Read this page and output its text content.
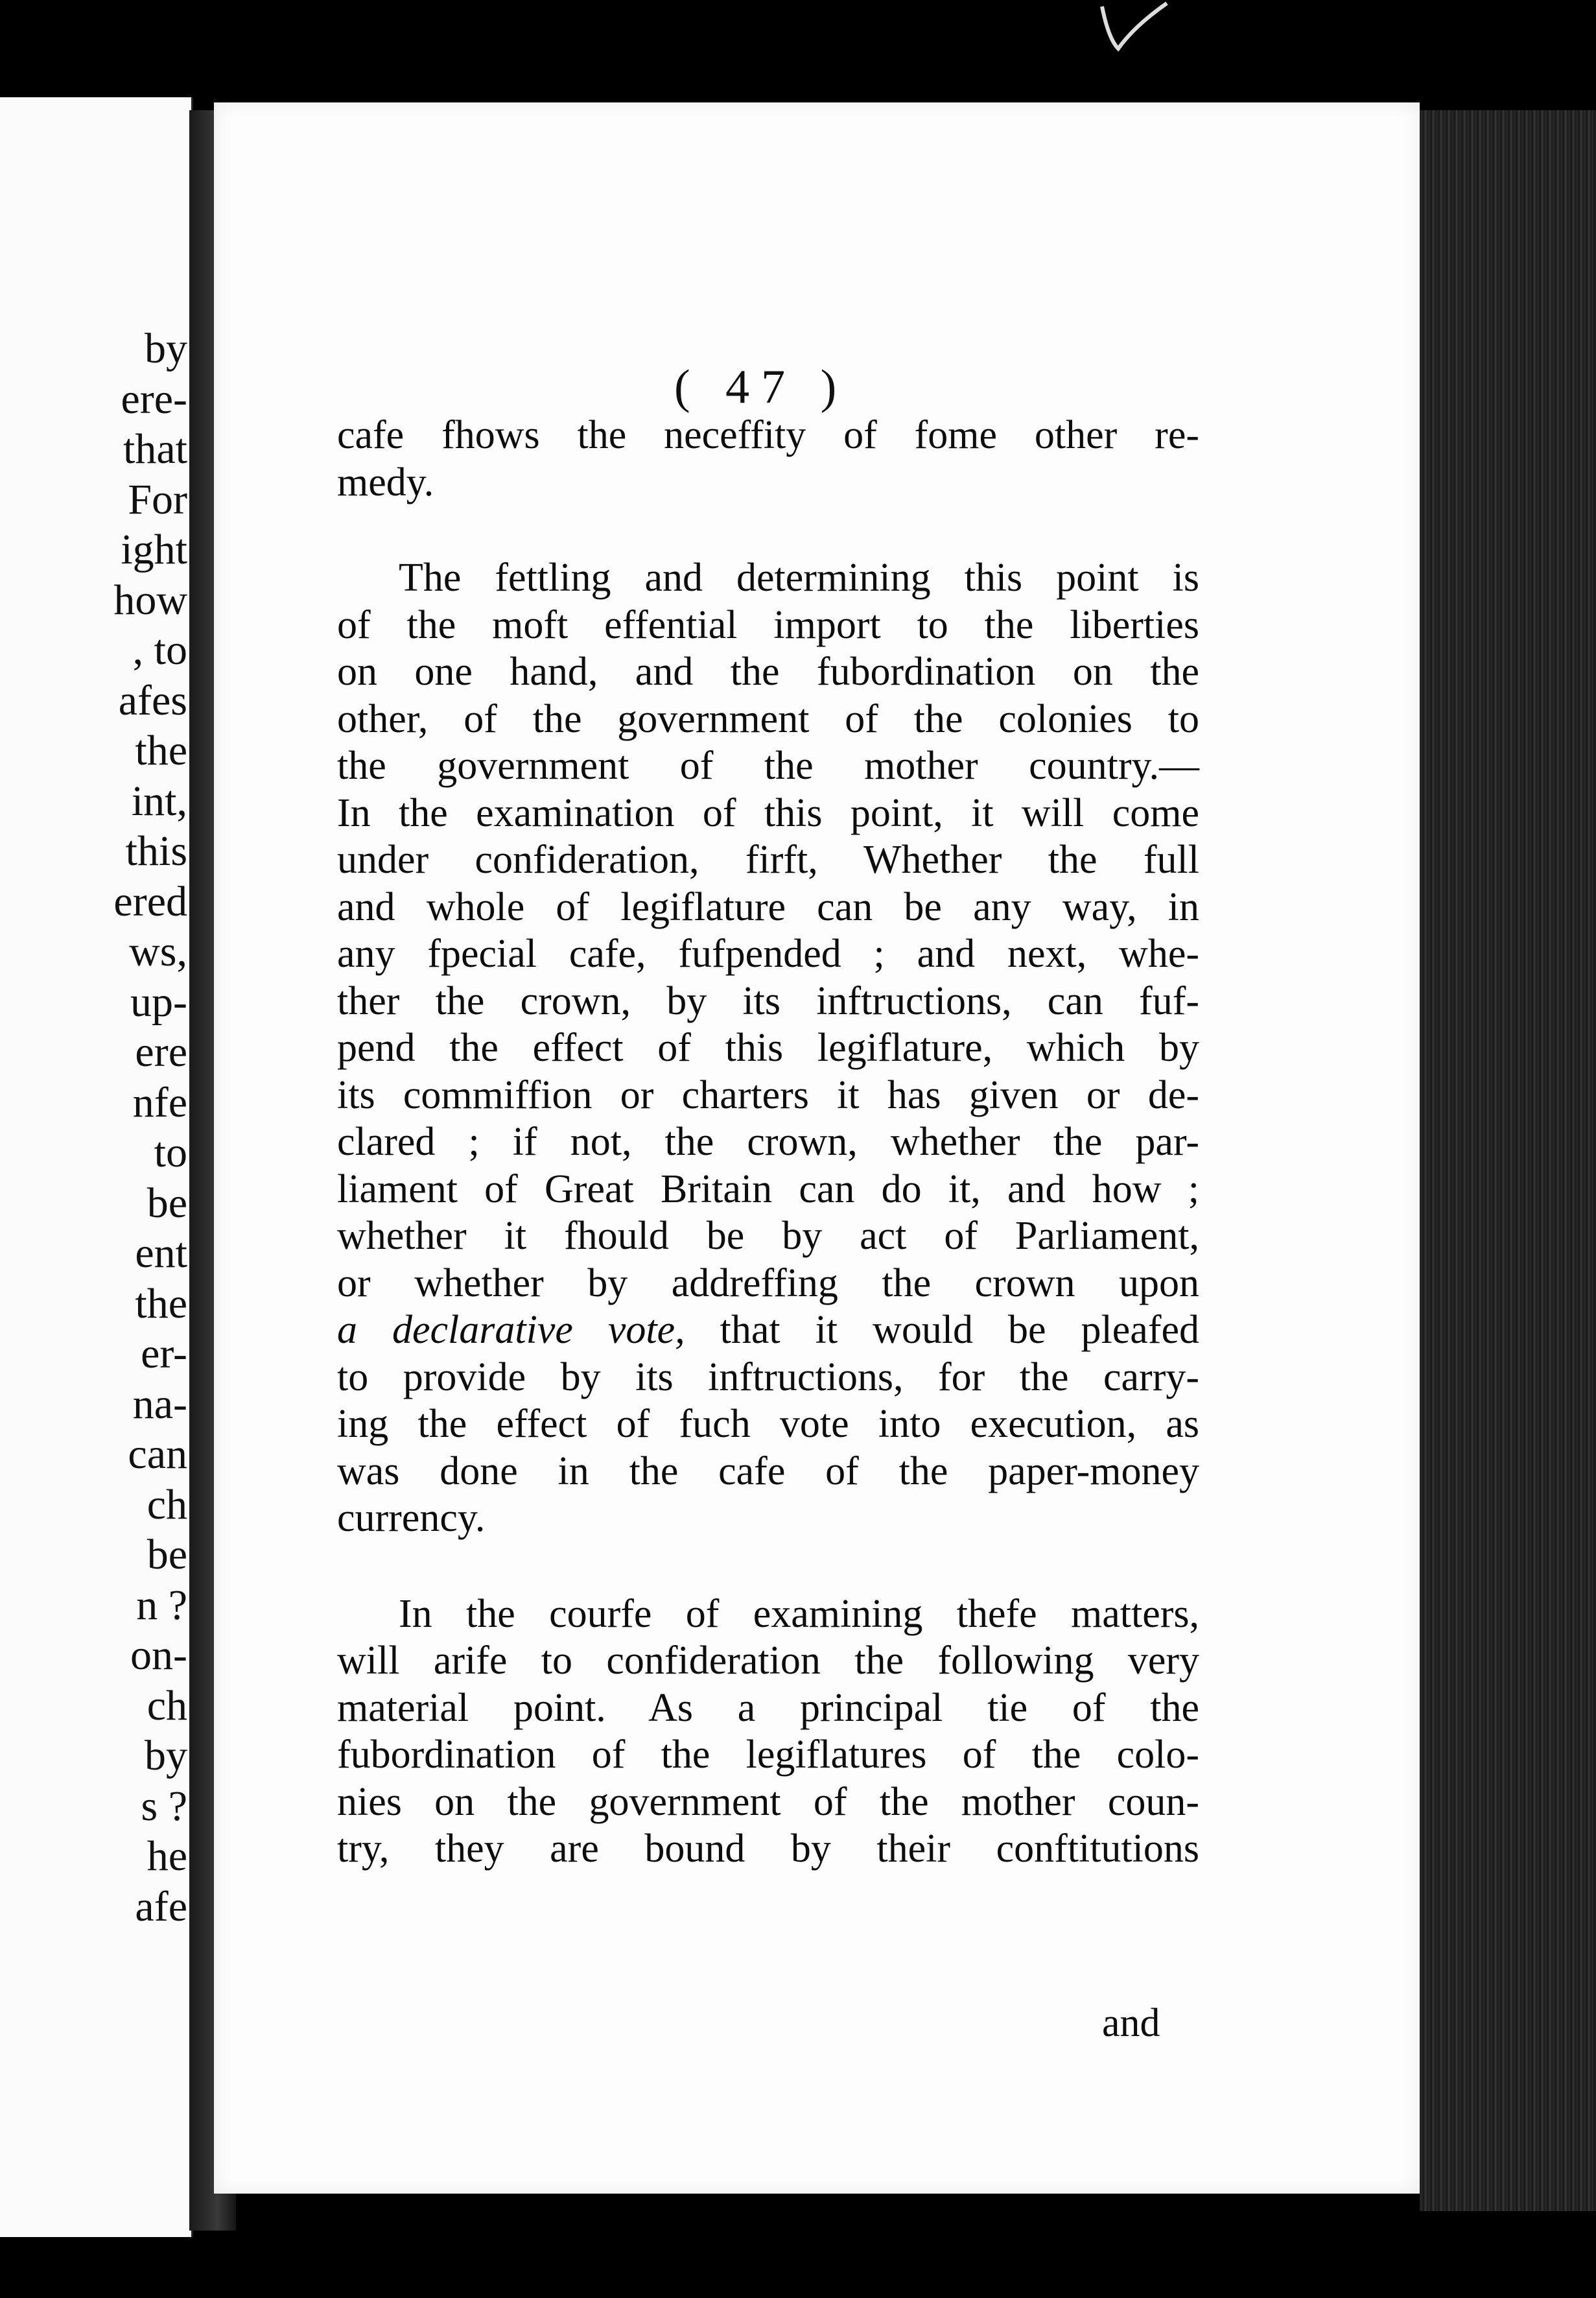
by
ere-
that
For
ight
how
, to
afes
the
int,
this
ered
ws,
up-
ere
nfe
to
be
ent
the
er-
na-
can
ch
be
n ?
on-
ch
by
s ?
he
afe
( 47 )
cafe fhows the neceffity of fome other re-
medy.
The fettling and determining this point is
of the moft effential import to the liberties
on one hand, and the fubordination on the
other, of the government of the colonies to
the government of the mother country.—
In the examination of this point, it will come
under confideration, firft, Whether the full
and whole of legiflature can be any way, in
any fpecial cafe, fufpended ; and next, whe-
ther the crown, by its inftructions, can fuf-
pend the effect of this legiflature, which by
its commiffion or charters it has given or de-
clared ; if not, the crown, whether the par-
liament of Great Britain can do it, and how ;
whether it fhould be by act of Parliament,
or whether by addreffing the crown upon
a declarative vote, that it would be pleafed
to provide by its inftructions, for the carry-
ing the effect of fuch vote into execution, as
was done in the cafe of the paper-money
currency.
In the courfe of examining thefe matters,
will arife to confideration the following very
material point. As a principal tie of the
fubordination of the legiflatures of the colo-
nies on the government of the mother coun-
try, they are bound by their conftitutions
and
